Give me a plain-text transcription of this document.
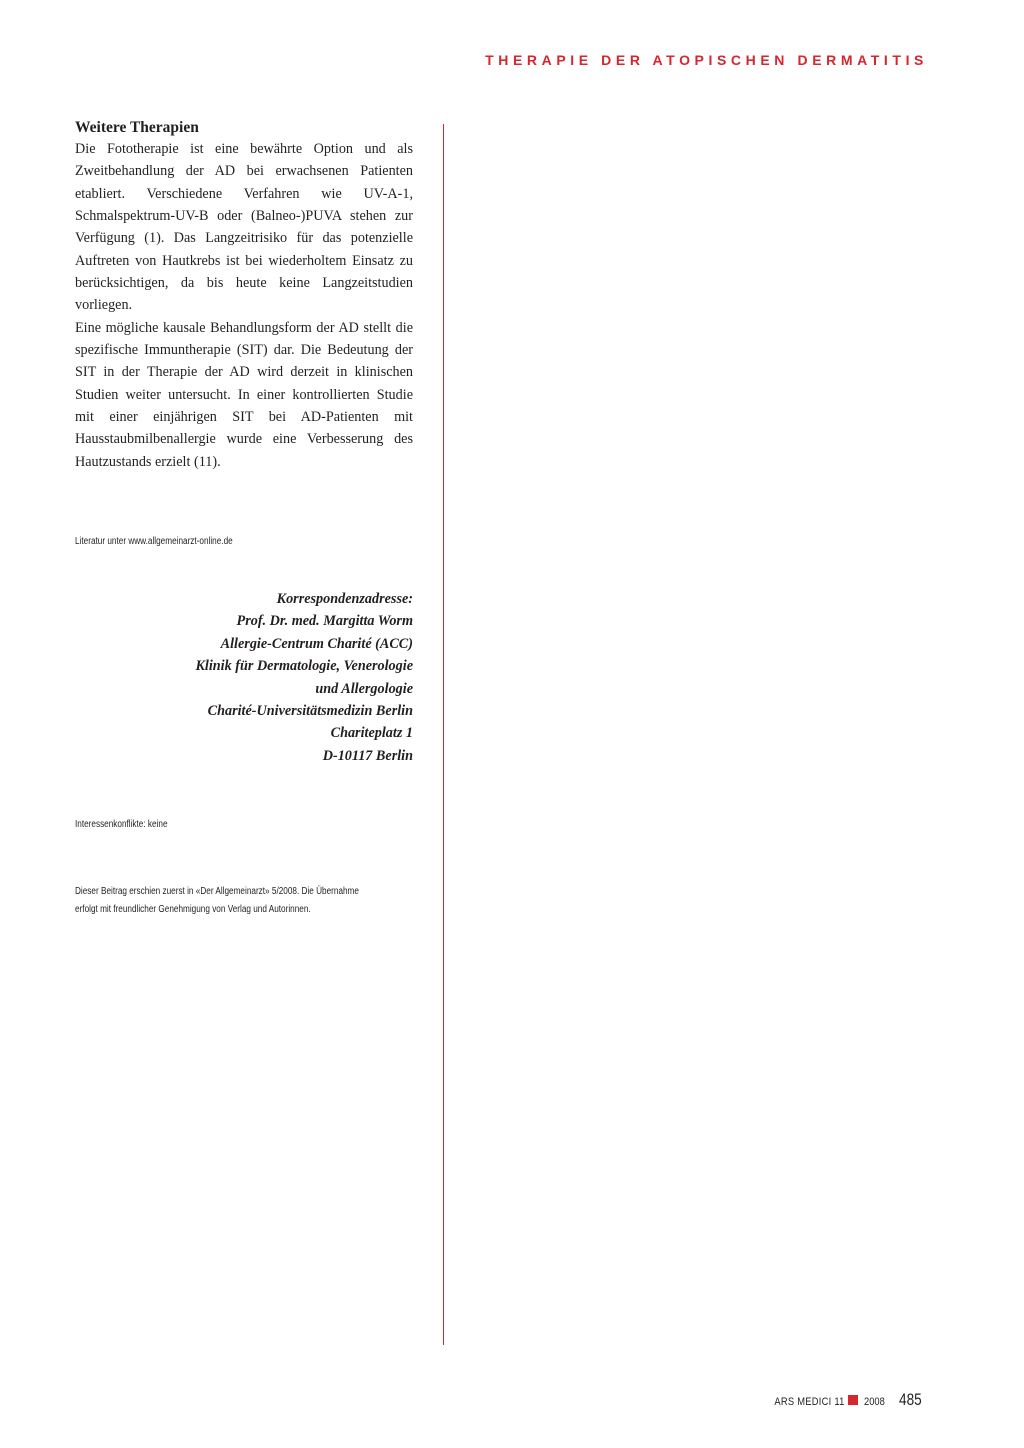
THERAPIE DER ATOPISCHEN DERMATITIS
Weitere Therapien

Die Fototherapie ist eine bewährte Option und als Zweitbehandlung der AD bei erwachsenen Patienten etabliert. Verschiedene Verfahren wie UV-A-1, Schmalspektrum-UV-B oder (Balneo-)PUVA stehen zur Verfügung (1). Das Langzeitrisiko für das potenzielle Auftreten von Hautkrebs ist bei wiederholtem Einsatz zu berücksichtigen, da bis heute keine Langzeitstudien vorliegen.

Eine mögliche kausale Behandlungsform der AD stellt die spezifische Immuntherapie (SIT) dar. Die Bedeutung der SIT in der Therapie der AD wird derzeit in klinischen Studien weiter untersucht. In einer kontrollierten Studie mit einer einjährigen SIT bei AD-Patienten mit Hausstaubmilbenallergie wurde eine Verbesserung des Hautzustands erzielt (11).

Literatur unter www.allgemeinarzt-online.de
Korrespondenzadresse:
Prof. Dr. med. Margitta Worm
Allergie-Centrum Charité (ACC)
Klinik für Dermatologie, Venerologie
und Allergologie
Charité-Universitätsmedizin Berlin
Chariteplatz 1
D-10117 Berlin
Interessenkonflikte: keine
Dieser Beitrag erschien zuerst in «Der Allgemeinarzt» 5/2008. Die Übernahme
erfolgt mit freundlicher Genehmigung von Verlag und Autorinnen.
ARS MEDICI 11 2008 485
